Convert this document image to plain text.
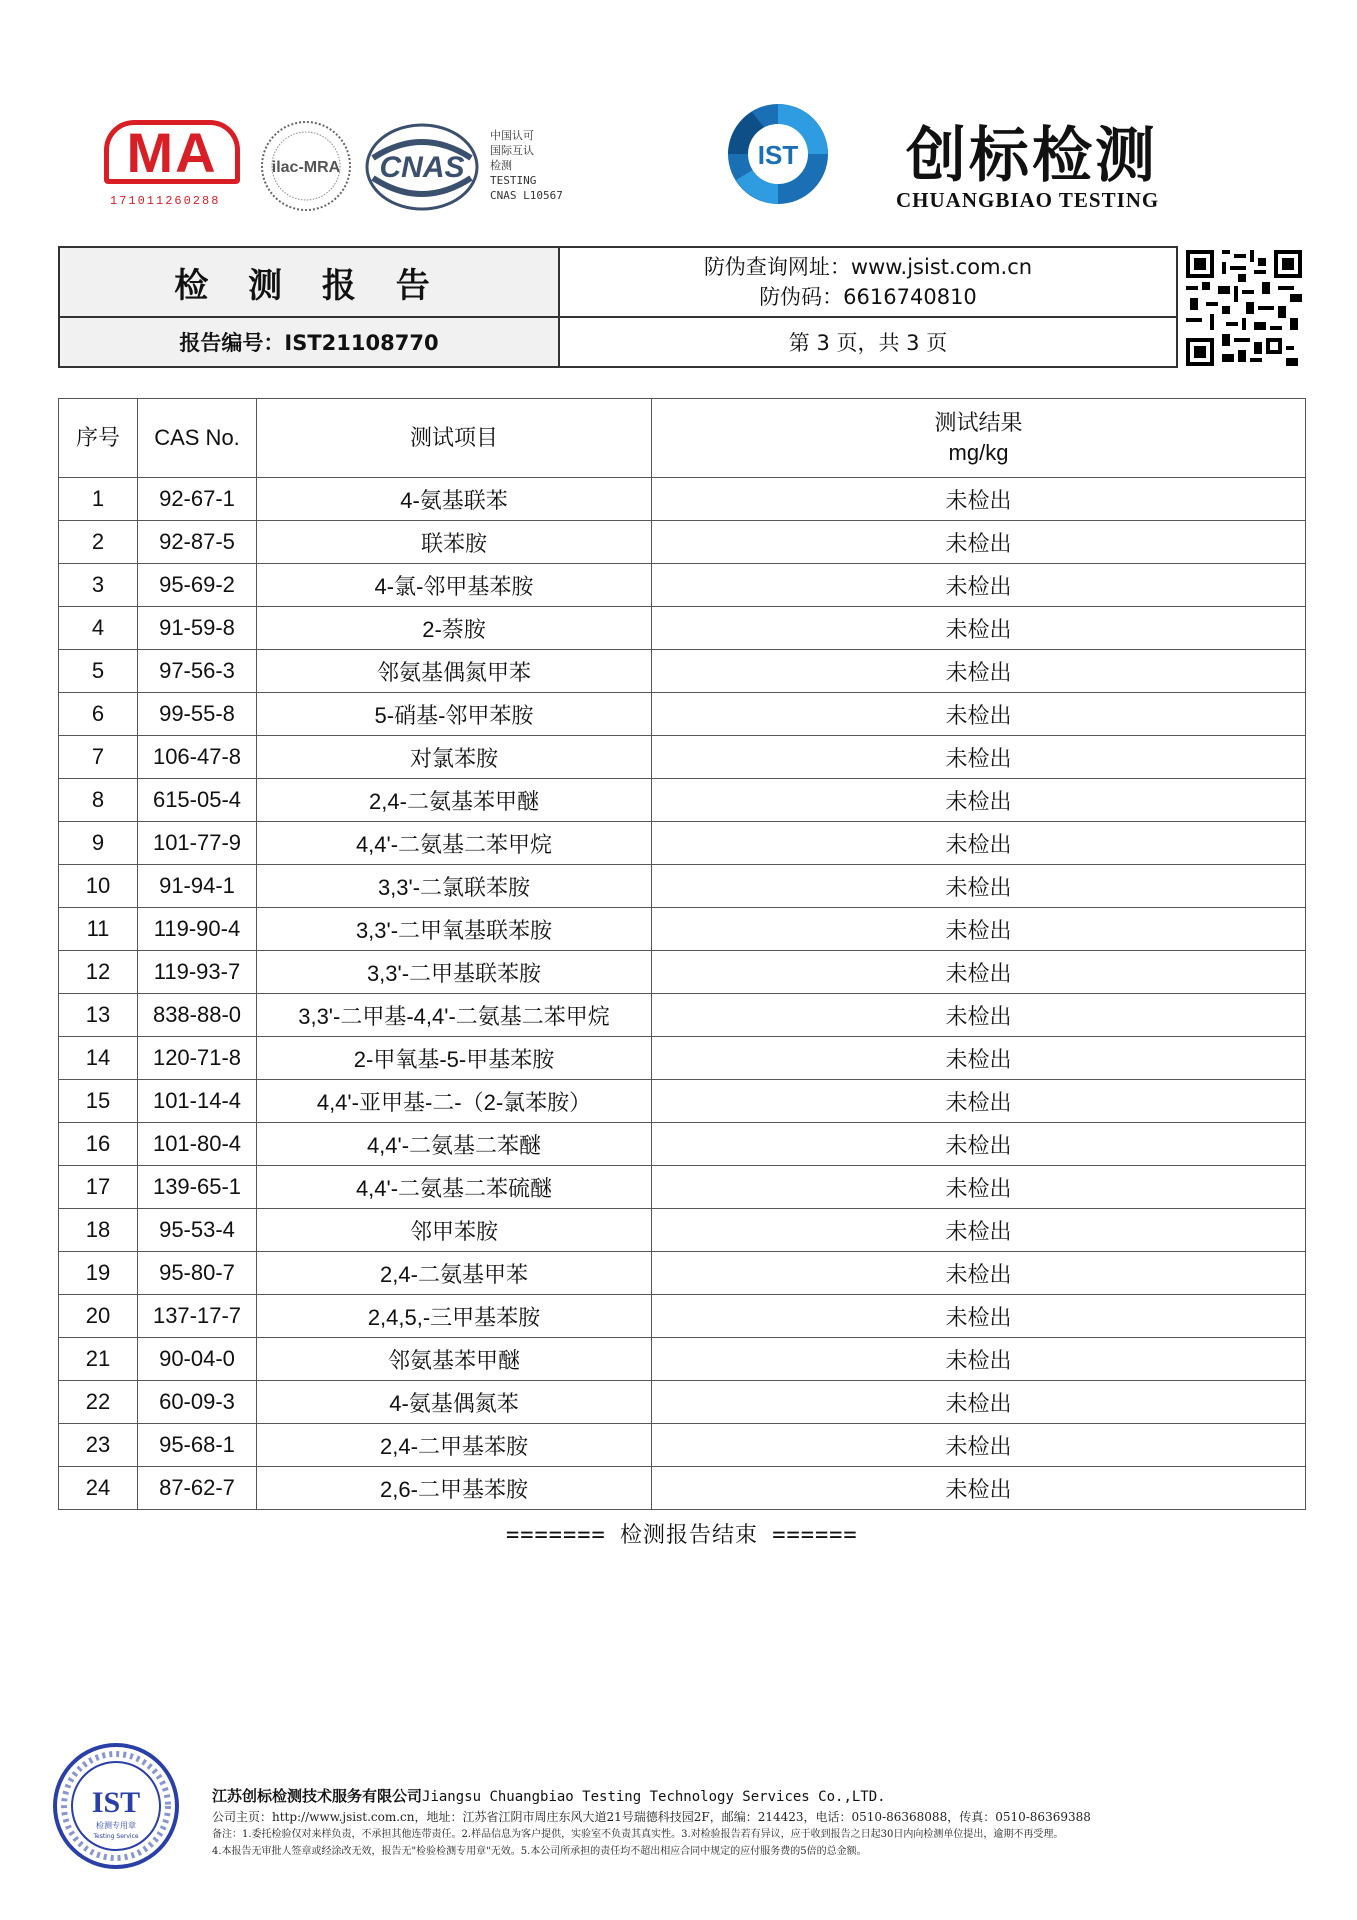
MA
171011260288
ilac-MRA CNAS
中国认可
国际互认
检测
TESTING
CNAS L10567
IST 创标检测
CHUANGBIAO TESTING
检 测 报 告	防伪查询网址：www.jsist.com.cn
防伪码：6616740810
报告编号：IST21108770	第 3 页，共 3 页
序号	CAS No.	测试项目	测试结果
mg/kg

1	92-67-1	4-氨基联苯	未检出
2	92-87-5	联苯胺	未检出
3	95-69-2	4-氯-邻甲基苯胺	未检出
4	91-59-8	2-萘胺	未检出
5	97-56-3	邻氨基偶氮甲苯	未检出
6	99-55-8	5-硝基-邻甲苯胺	未检出
7	106-47-8	对氯苯胺	未检出
8	615-05-4	2,4-二氨基苯甲醚	未检出
9	101-77-9	4,4'-二氨基二苯甲烷	未检出
10	91-94-1	3,3'-二氯联苯胺	未检出
11	119-90-4	3,3'-二甲氧基联苯胺	未检出
12	119-93-7	3,3'-二甲基联苯胺	未检出
13	838-88-0	3,3'-二甲基-4,4'-二氨基二苯甲烷	未检出
14	120-71-8	2-甲氧基-5-甲基苯胺	未检出
15	101-14-4	4,4'-亚甲基-二-（2-氯苯胺）	未检出
16	101-80-4	4,4'-二氨基二苯醚	未检出
17	139-65-1	4,4'-二氨基二苯硫醚	未检出
18	95-53-4	邻甲苯胺	未检出
19	95-80-7	2,4-二氨基甲苯	未检出
20	137-17-7	2,4,5,-三甲基苯胺	未检出
21	90-04-0	邻氨基苯甲醚	未检出
22	60-09-3	4-氨基偶氮苯	未检出
23	95-68-1	2,4-二甲基苯胺	未检出
24	87-62-7	2,6-二甲基苯胺	未检出
======= 检测报告结束 ======
IST
检测专用章
Testing Service
江苏创标检测技术服务有限公司Jiangsu Chuangbiao Testing Technology Services Co.,LTD.
公司主页：http://www.jsist.com.cn，地址：江苏省江阴市周庄东风大道21号瑞德科技园2F，邮编：214423，电话：0510-86368088，传真：0510-86369388
备注：1.委托检验仅对来样负责，不承担其他连带责任。2.样品信息为客户提供，实验室不负责其真实性。3.对检验报告若有异议，应于收到报告之日起30日内向检测单位提出，逾期不再受理。
4.本报告无审批人签章或经涂改无效，报告无"检验检测专用章"无效。5.本公司所承担的责任均不超出相应合同中规定的应付服务费的5倍的总金额。
